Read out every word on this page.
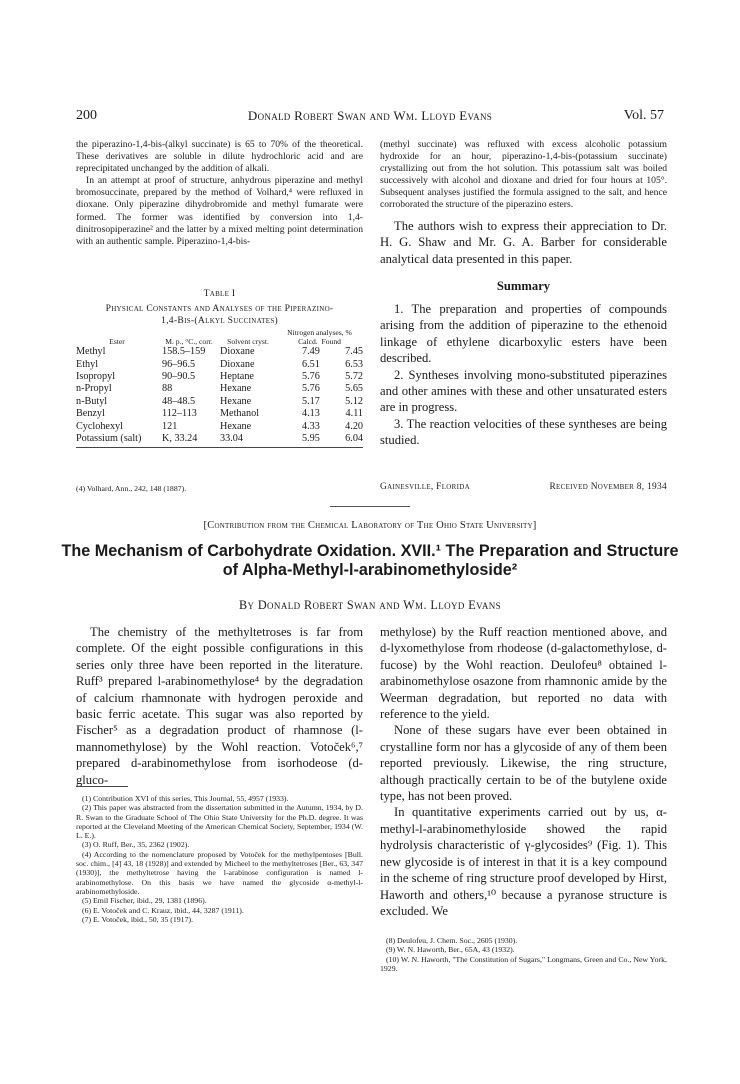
200	Donald Robert Swan and Wm. Lloyd Evans	Vol. 57

the piperazino-1,4-bis-(alkyl succinate) is 65 to 70% of the theoretical. These derivatives are soluble in dilute hydrochloric acid and are reprecipitated unchanged by the addition of alkali.

In an attempt at proof of structure, anhydrous piperazine and methyl bromosuccinate, prepared by the method of Volhard,⁴ were refluxed in dioxane. Only piperazine dihydrobromide and methyl fumarate were formed. The former was identified by conversion into 1,4-dinitrosopiperazine² and the latter by a mixed melting point determination with an authentic sample. Piperazino-1,4-bis-

Table I
Physical Constants and Analyses of the Piperazino-
1,4-Bis-(Alkyl Succinates)
Ester	M. p., °C., corr.	Solvent cryst.	Nitrogen analyses, %
Calcd. Found	

Methyl	158.5–159	Dioxane	7.49	7.45
Ethyl	96–96.5	Dioxane	6.51	6.53
Isopropyl	90–90.5	Heptane	5.76	5.72
n-Propyl	88	Hexane	5.76	5.65
n-Butyl	48–48.5	Hexane	5.17	5.12
Benzyl	112–113	Methanol	4.13	4.11
Cyclohexyl	121	Hexane	4.33	4.20
Potassium (salt)	K, 33.24	33.04	5.95	6.04
(4) Volhard, Ann., 242, 148 (1887).

(methyl succinate) was refluxed with excess alcoholic potassium hydroxide for an hour, piperazino-1,4-bis-(potassium succinate) crystallizing out from the hot solution. This potassium salt was boiled successively with alcohol and dioxane and dried for four hours at 105°. Subsequent analyses justified the formula assigned to the salt, and hence corroborated the structure of the piperazino esters.

The authors wish to express their appreciation to Dr. H. G. Shaw and Mr. G. A. Barber for considerable analytical data presented in this paper.

Summary

1. The preparation and properties of compounds arising from the addition of piperazine to the ethenoid linkage of ethylene dicarboxylic esters have been described.

2. Syntheses involving mono-substituted piperazines and other amines with these and other unsaturated esters are in progress.

3. The reaction velocities of these syntheses are being studied.

Gainesville, Florida	Received November 8, 1934
[Contribution from the Chemical Laboratory of The Ohio State University]
The Mechanism of Carbohydrate Oxidation. XVII.¹ The Preparation and Structure
of Alpha-Methyl-l-arabinomethyloside²
By Donald Robert Swan and Wm. Lloyd Evans

The chemistry of the methyltetroses is far from complete. Of the eight possible configurations in this series only three have been reported in the literature. Ruff³ prepared l-arabinomethylose⁴ by the degradation of calcium rhamnonate with hydrogen peroxide and basic ferric acetate. This sugar was also reported by Fischer⁵ as a degradation product of rhamnose (l-mannomethylose) by the Wohl reaction. Votoček⁶,⁷ prepared d-arabinomethylose from isorhodeose (d-gluco-

(1) Contribution XVI of this series, This Journal, 55, 4957 (1933).
(2) This paper was abstracted from the dissertation submitted in the Autumn, 1934, by D. R. Swan to the Graduate School of The Ohio State University for the Ph.D. degree. It was reported at the Cleveland Meeting of the American Chemical Society, September, 1934 (W. L. E.).
(3) O. Ruff, Ber., 35, 2362 (1902).
(4) According to the nomenclature proposed by Votoček for the methylpentoses [Bull. soc. chim., [4] 43, 18 (1928)] and extended by Micheel to the methyltetroses [Ber., 63, 347 (1930)], the methyltetrose having the l-arabinose configuration is named l-arabinomethylose. On this basis we have named the glycoside α-methyl-l-arabinomethyloside.
(5) Emil Fischer, ibid., 29, 1381 (1896).
(6) E. Votoček and C. Krauz, ibid., 44, 3287 (1911).
(7) E. Votoček, ibid., 50, 35 (1917).

methylose) by the Ruff reaction mentioned above, and d-lyxomethylose from rhodeose (d-galactomethylose, d-fucose) by the Wohl reaction. Deulofeu⁸ obtained l-arabinomethylose osazone from rhamnonic amide by the Weerman degradation, but reported no data with reference to the yield.

None of these sugars have ever been obtained in crystalline form nor has a glycoside of any of them been reported previously. Likewise, the ring structure, although practically certain to be of the butylene oxide type, has not been proved.

In quantitative experiments carried out by us, α-methyl-l-arabinomethyloside showed the rapid hydrolysis characteristic of γ-glycosides⁹ (Fig. 1). This new glycoside is of interest in that it is a key compound in the scheme of ring structure proof developed by Hirst, Haworth and others,¹⁰ because a pyranose structure is excluded. We

(8) Deulofeu, J. Chem. Soc., 2605 (1930).
(9) W. N. Haworth, Ber., 65A, 43 (1932).
(10) W. N. Haworth, "The Constitution of Sugars," Longmans, Green and Co., New York, 1929.
